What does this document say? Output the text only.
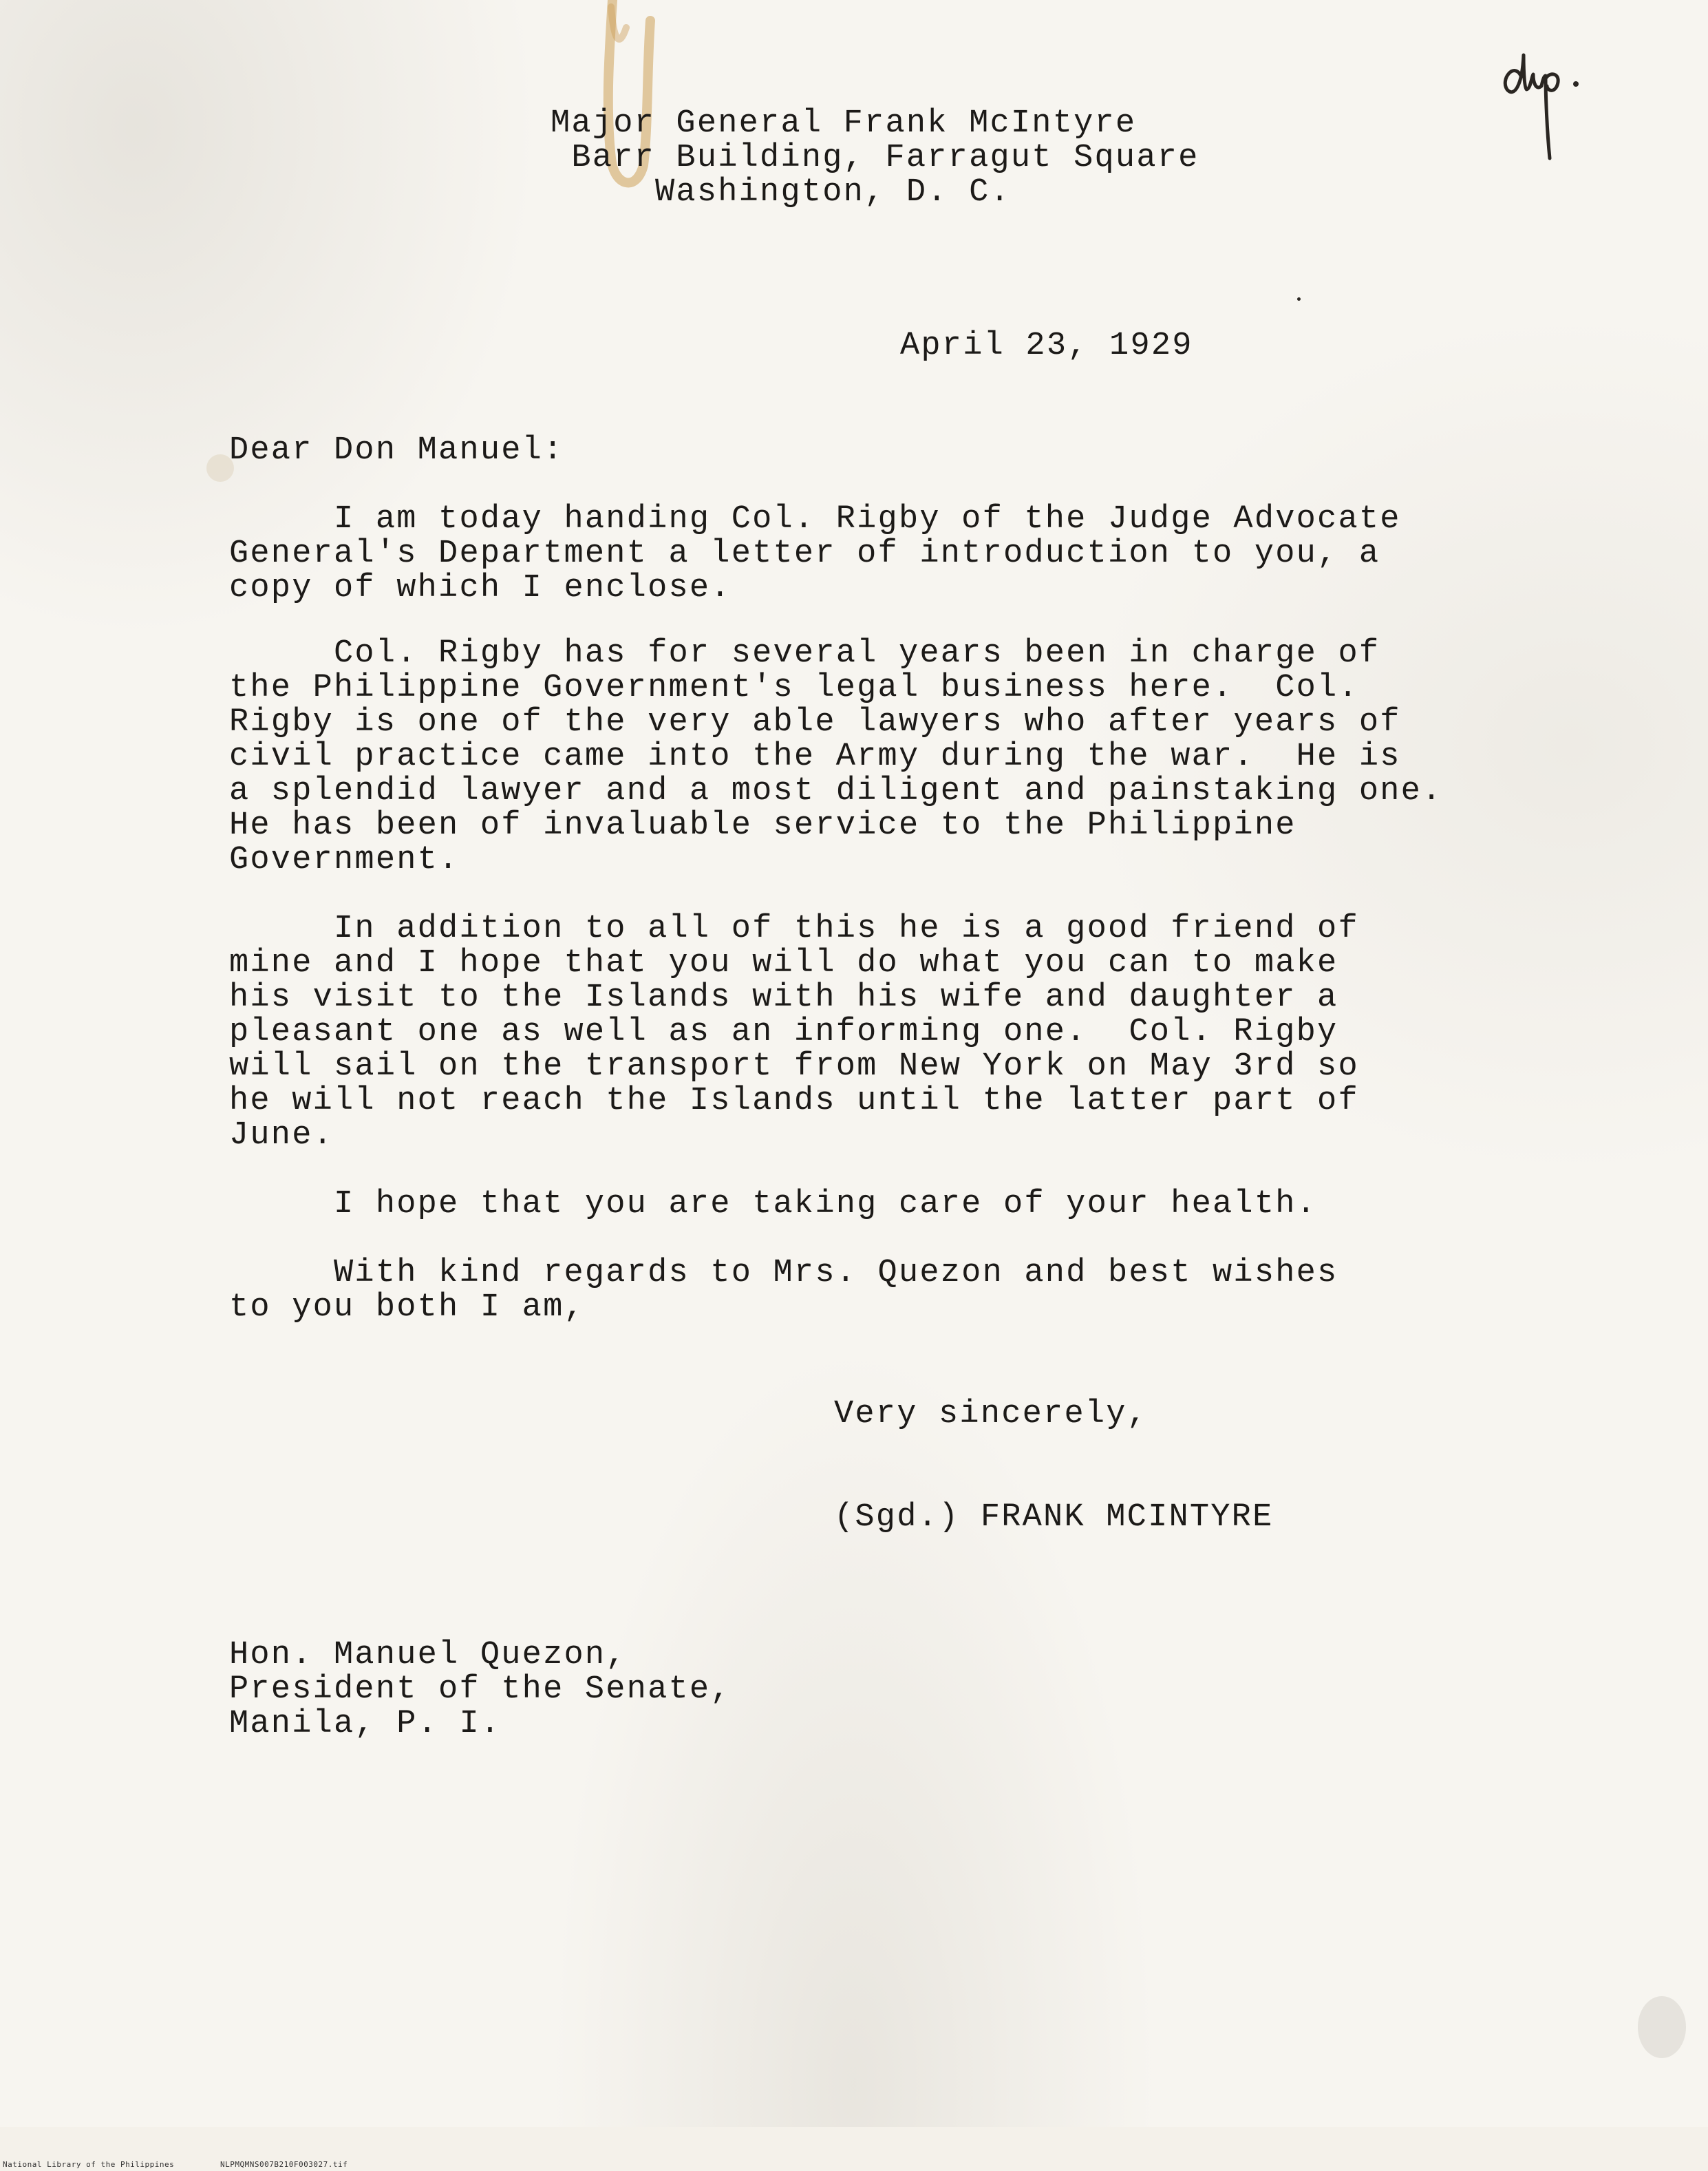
Major General Frank McIntyre
Barr Building, Farragut Square
Washington, D. C.
April 23, 1929
Dear Don Manuel:
I am today handing Col. Rigby of the Judge Advocate
General's Department a letter of introduction to you, a
copy of which I enclose.
Col. Rigby has for several years been in charge of
the Philippine Government's legal business here.  Col.
Rigby is one of the very able lawyers who after years of
civil practice came into the Army during the war.  He is
a splendid lawyer and a most diligent and painstaking one.
He has been of invaluable service to the Philippine
Government.
In addition to all of this he is a good friend of
mine and I hope that you will do what you can to make
his visit to the Islands with his wife and daughter a
pleasant one as well as an informing one.  Col. Rigby
will sail on the transport from New York on May 3rd so
he will not reach the Islands until the latter part of
June.
I hope that you are taking care of your health.
With kind regards to Mrs. Quezon and best wishes
to you both I am,
Very sincerely,
(Sgd.) FRANK MCINTYRE
Hon. Manuel Quezon,
President of the Senate,
Manila, P. I.
National Library of the Philippines	NLPMQMNS007B210F003027.tif
